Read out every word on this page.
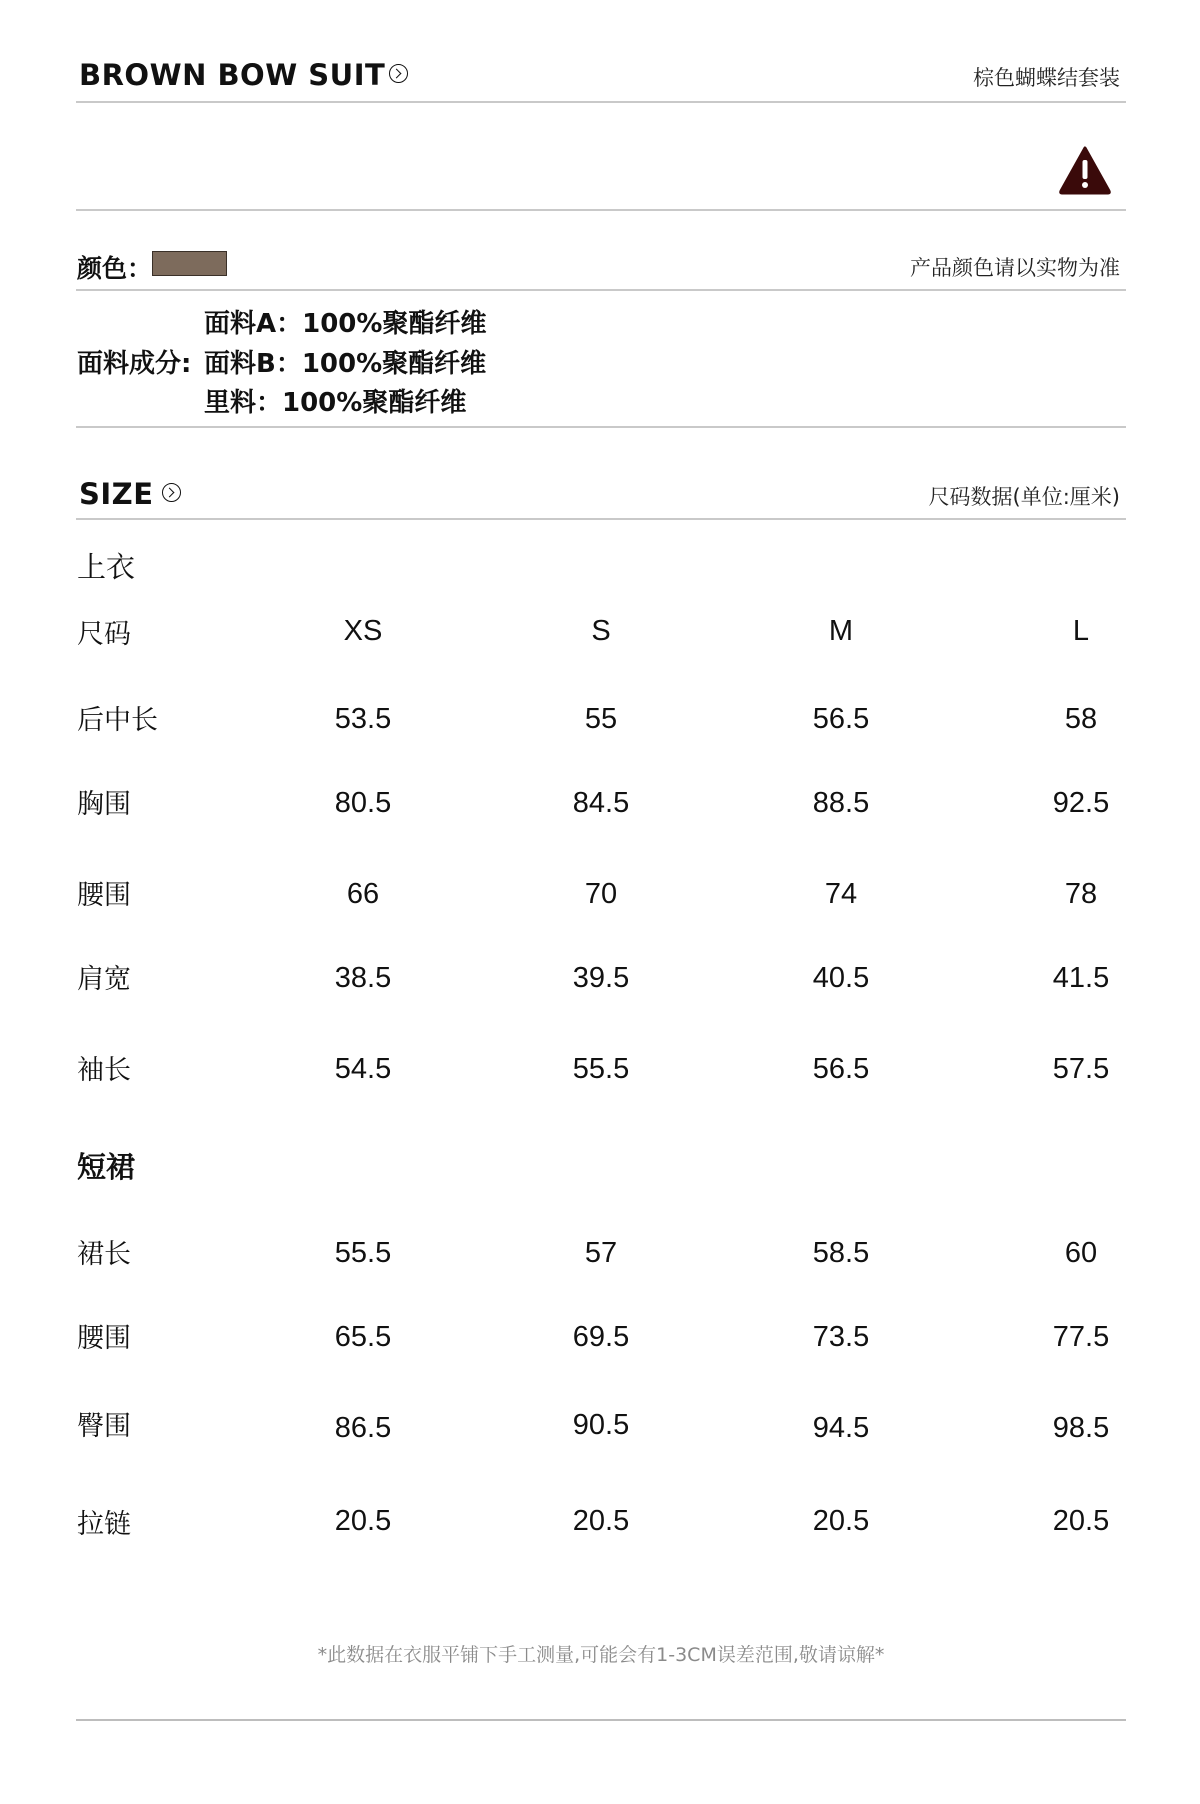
BROWN BOW SUIT	棕色蝴蝶结套装
颜色：	产品颜色请以实物为准
面料成分:
面料A：100%聚酯纤维
面料B：100%聚酯纤维
里料：100%聚酯纤维
SIZE	尺码数据(单位:厘米)
上衣
尺码	XS	S	M	L
后中长	53.5	55	56.5	58
胸围	80.5	84.5	88.5	92.5
腰围	66	70	74	78
肩宽	38.5	39.5	40.5	41.5
袖长	54.5	55.5	56.5	57.5
短裙
裙长	55.5	57	58.5	60
腰围	65.5	69.5	73.5	77.5
臀围	86.5	90.5	94.5	98.5
拉链	20.5	20.5	20.5	20.5
*此数据在衣服平铺下手工测量,可能会有1-3CM误差范围,敬请谅解*
